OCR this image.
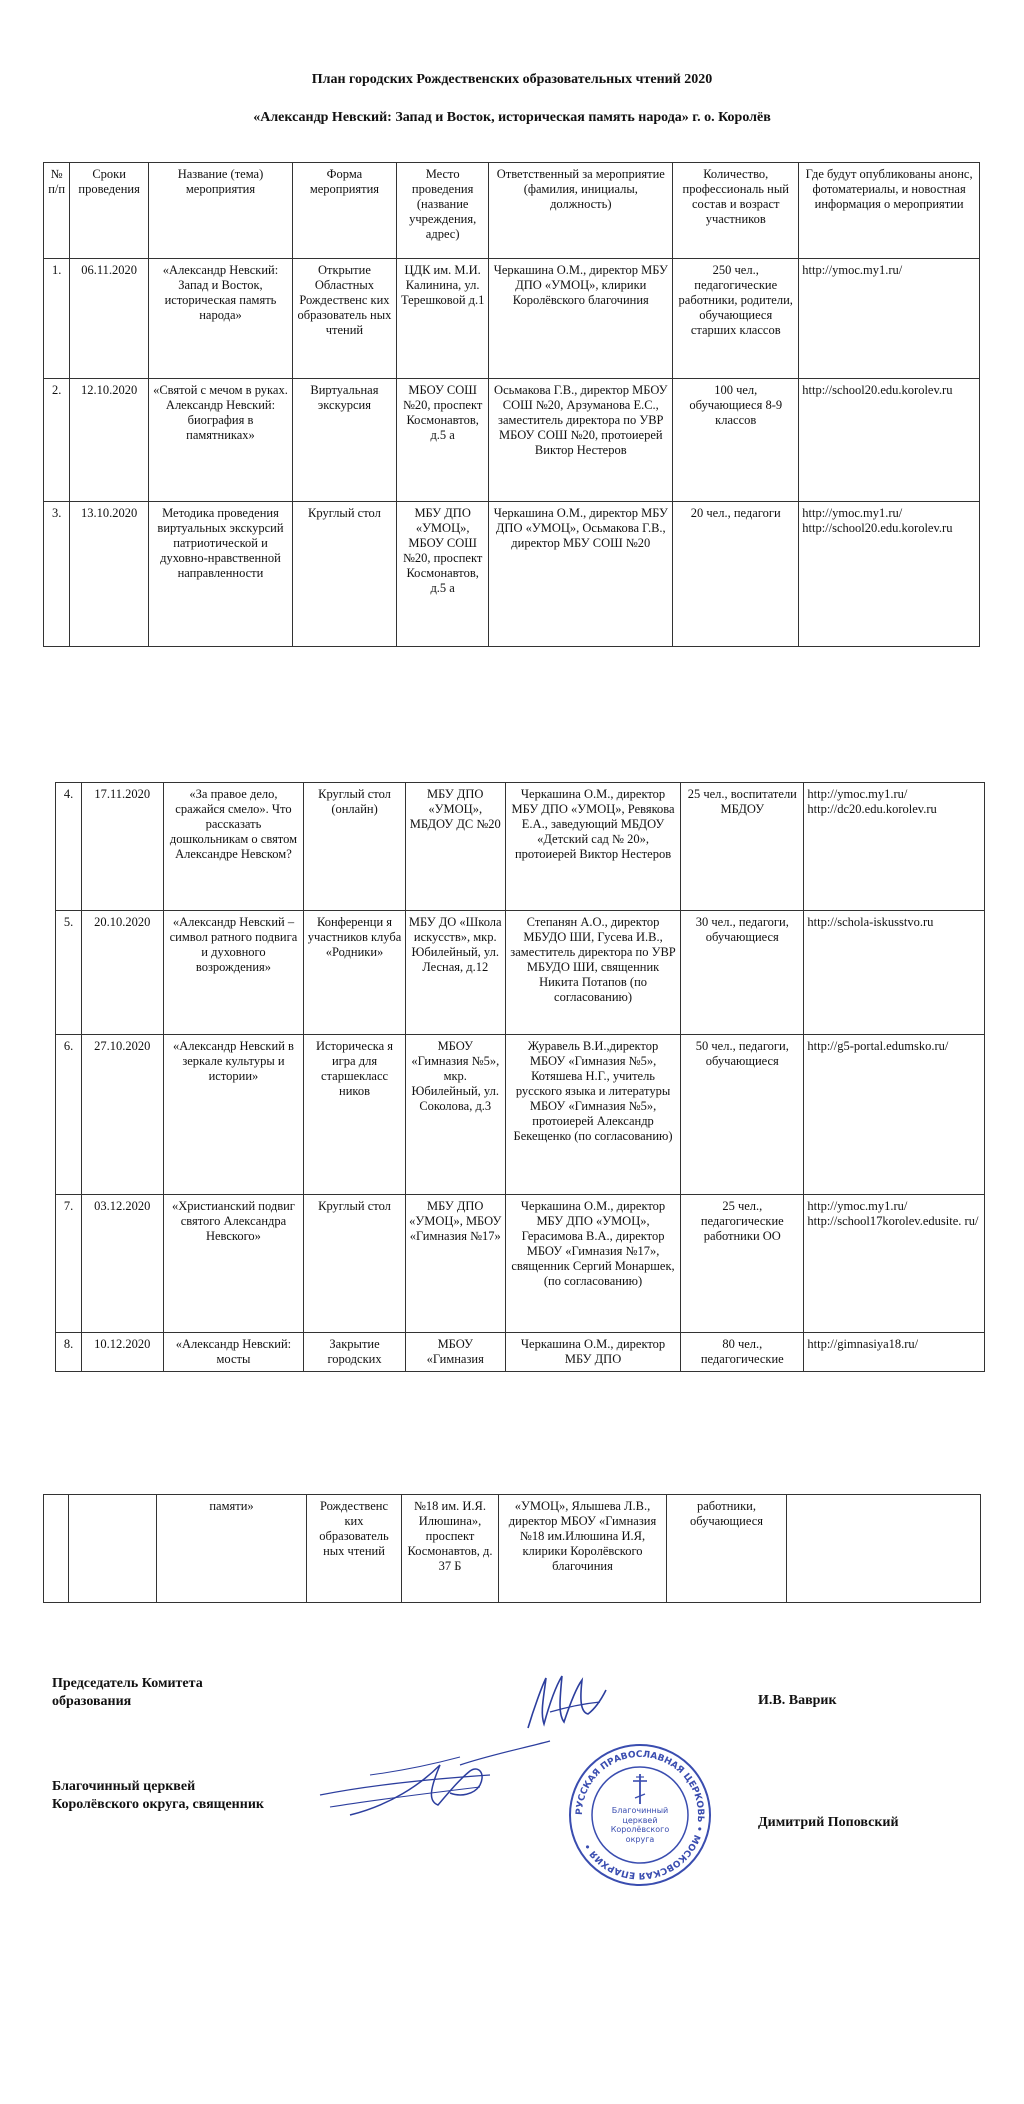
План городских Рождественских образовательных чтений 2020
«Александр Невский: Запад и Восток, историческая память народа» г. о. Королёв
№ п/п	Сроки проведения	Название (тема) мероприятия	Форма мероприятия	Место проведения (название учреждения, адрес)	Ответственный за мероприятие (фамилия, инициалы, должность)	Количество, профессиональ ный состав и возраст участников	Где будут опубликованы анонс, фотоматериалы, и новостная информация о мероприятии
1.	06.11.2020	«Александр Невский: Запад и Восток, историческая память народа»	Открытие Областных Рождественс ких образователь ных чтений	ЦДК им. М.И. Калинина, ул. Терешковой д.1	Черкашина О.М., директор МБУ ДПО «УМОЦ», клирики Королёвского благочиния	250 чел., педагогические работники, родители, обучающиеся старших классов	http://ymoc.my1.ru/
2.	12.10.2020	«Святой с мечом в руках. Александр Невский: биография в памятниках»	Виртуальная экскурсия	МБОУ СОШ №20, проспект Космонавтов, д.5 а	Осьмакова Г.В., директор МБОУ СОШ №20, Арзуманова Е.С., заместитель директора по УВР МБОУ СОШ №20, протоиерей Виктор Нестеров	100 чел, обучающиеся 8-9 классов	http://school20.edu.korolev.ru
3.	13.10.2020	Методика проведения виртуальных экскурсий патриотической и духовно-нравственной направленности	Круглый стол	МБУ ДПО «УМОЦ», МБОУ СОШ №20, проспект Космонавтов, д.5 а	Черкашина О.М., директор МБУ ДПО «УМОЦ», Осьмакова Г.В., директор МБУ СОШ №20	20 чел., педагоги	http://ymoc.my1.ru/ http://school20.edu.korolev.ru
4.	17.11.2020	«За правое дело, сражайся смело». Что рассказать дошкольникам о святом Александре Невском?	Круглый стол (онлайн)	МБУ ДПО «УМОЦ», МБДОУ ДС №20	Черкашина О.М., директор МБУ ДПО «УМОЦ», Ревякова Е.А., заведующий МБДОУ «Детский сад № 20», протоиерей Виктор Нестеров	25 чел., воспитатели МБДОУ	http://ymoc.my1.ru/ http://dc20.edu.korolev.ru
5.	20.10.2020	«Александр Невский – символ ратного подвига и духовного возрождения»	Конференци я участников клуба «Родники»	МБУ ДО «Школа искусств», мкр. Юбилейный, ул. Лесная, д.12	Степанян А.О., директор МБУДО ШИ, Гусева И.В., заместитель директора по УВР МБУДО ШИ, священник Никита Потапов (по согласованию)	30 чел., педагоги, обучающиеся	http://schola-iskusstvo.ru
6.	27.10.2020	«Александр Невский в зеркале культуры и истории»	Историческа я игра для старшекласс ников	МБОУ «Гимназия №5», мкр. Юбилейный, ул. Соколова, д.3	Журавель В.И.,директор МБОУ «Гимназия №5», Котяшева Н.Г., учитель русского языка и литературы МБОУ «Гимназия №5», протоиерей Александр Бекещенко (по согласованию)	50 чел., педагоги, обучающиеся	http://g5-portal.edumsko.ru/
7.	03.12.2020	«Христианский подвиг святого Александра Невского»	Круглый стол	МБУ ДПО «УМОЦ», МБОУ «Гимназия №17»	Черкашина О.М., директор МБУ ДПО «УМОЦ», Герасимова В.А., директор МБОУ «Гимназия №17», священник Сергий Монаршек, (по согласованию)	25 чел., педагогические работники ОО	http://ymoc.my1.ru/ http://school17korolev.edusite. ru/
8.	10.12.2020	«Александр Невский: мосты	Закрытие городских	МБОУ «Гимназия	Черкашина О.М., директор МБУ ДПО	80 чел., педагогические	http://gimnasiya18.ru/
		памяти»	Рождественс ких образователь ных чтений	№18 им. И.Я. Илюшина», проспект Космонавтов, д. 37 Б	«УМОЦ», Ялышева Л.В., директор МБОУ «Гимназия №18 им.Илюшина И.Я, клирики Королёвского благочиния	работники, обучающиеся	
Председатель Комитета образования	И.В. Ваврик
Благочинный церквей Королёвского округа, священник
Димитрий Поповский
РУССКАЯ ПРАВОСЛАВНАЯ ЦЕРКОВЬ • МОСКОВСКАЯ ЕПАРХИЯ •
Благочинный церквей Королёвского округа
